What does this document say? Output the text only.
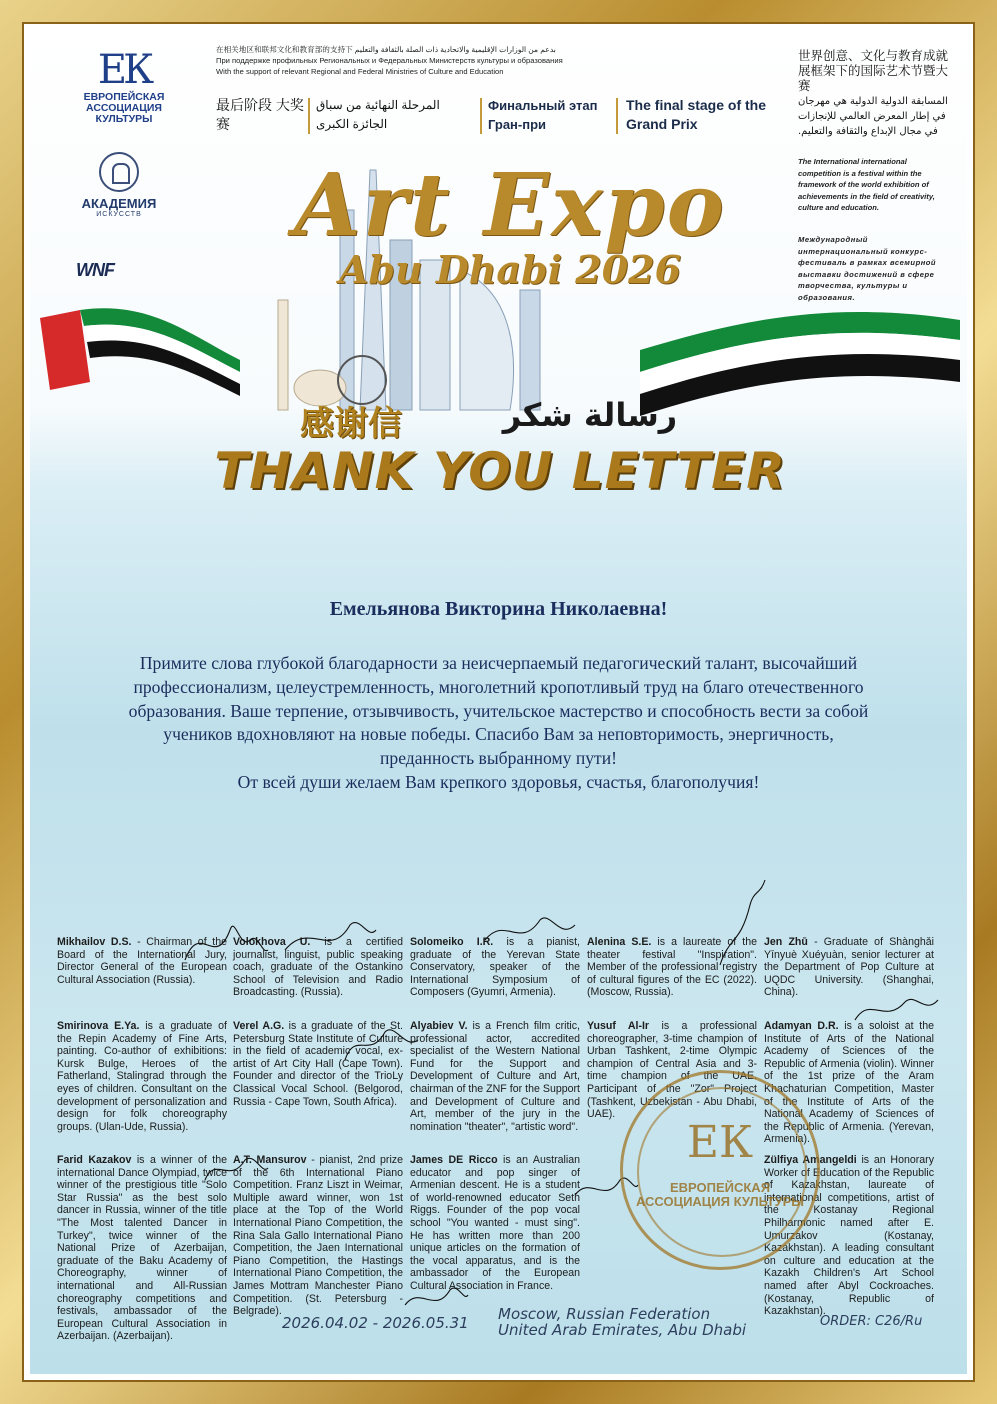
ЕК
ЕВРОПЕЙСКАЯ АССОЦИАЦИЯ КУЛЬТУРЫ
АКАДЕМИЯ
ИСКУССТВ
WNF
在相关地区和联邦文化和教育部的支持下 بدعم من الوزارات الإقليمية والاتحادية ذات الصلة بالثقافة والتعليم
При поддержке профильных Региональных и Федеральных Министерств культуры и образования
With the support of relevant Regional and Federal Ministries of Culture and Education
最后阶段 大奖赛
المرحلة النهائية من سباق الجائزة الكبرى
Финальный этап Гран-при
The final stage of the Grand Prix
世界创意、文化与教育成就展框架下的国际艺术节暨大赛
المسابقة الدولية الدولية هي مهرجان في إطار المعرض العالمي للإنجازات في مجال الإبداع والثقافة والتعليم.
The International international competition is a festival within the framework of the world exhibition of achievements in the field of creativity, culture and education.
Международный интернациональный конкурс-фестиваль в рамках всемирной выставки достижений в сфере творчества, культуры и образования.
Art Expo
Abu Dhabi 2026
感谢信	رسالة شكر
THANK YOU LETTER
Емельянова Викторина Николаевна!

Примите слова глубокой благодарности за неисчерпаемый педагогический талант, высочайший профессионализм, целеустремленность, многолетний кропотливый труд на благо отечественного образования. Ваше терпение, отзывчивость, учительское мастерство и способность вести за собой учеников вдохновляют на новые победы. Спасибо Вам за неповторимость, энергичность, преданность выбранному пути!

От всей души желаем Вам крепкого здоровья, счастья, благополучия!

Mikhailov D.S. - Chairman of the Board of the International Jury, Director General of the European Cultural Association (Russia).
Volokhova U. is a certified journalist, linguist, public speaking coach, graduate of the Ostankino School of Television and Radio Broadcasting. (Russia).
Solomeiko I.R. is a pianist, graduate of the Yerevan State Conservatory, speaker of the International Symposium of Composers (Gyumri, Armenia).
Alenina S.E. is a laureate of the theater festival "Inspiration". Member of the professional registry of cultural figures of the EC (2022). (Moscow, Russia).
Jen Zhū - Graduate of Shànghǎi Yīnyuè Xuéyuàn, senior lecturer at the Department of Pop Culture at UQDC University. (Shanghai, China).
Smirinova E.Ya. is a graduate of the Repin Academy of Fine Arts, painting. Co-author of exhibitions: Kursk Bulge, Heroes of the Fatherland, Stalingrad through the eyes of children. Consultant on the development of personalization and design for folk choreography groups. (Ulan-Ude, Russia).
Verel A.G. is a graduate of the St. Petersburg State Institute of Culture in the field of academic vocal, ex-artist of Art City Hall (Cape Town). Founder and director of the TrioLy Classical Vocal School. (Belgorod, Russia - Cape Town, South Africa).
Alyabiev V. is a French film critic, professional actor, accredited specialist of the Western National Fund for the Support and Development of Culture and Art, chairman of the ZNF for the Support and Development of Culture and Art, member of the jury in the nomination "theater", "artistic word".
Yusuf Al-Ir is a professional choreographer, 3-time champion of Urban Tashkent, 2-time Olympic champion of Central Asia and 3-time champion of the UAE. Participant of the "Zor" Project (Tashkent, Uzbekistan - Abu Dhabi, UAE).
Adamyan D.R. is a soloist at the Institute of Arts of the National Academy of Sciences of the Republic of Armenia (violin). Winner of the 1st prize of the Aram Khachaturian Competition, Master of the Institute of Arts of the National Academy of Sciences of the Republic of Armenia. (Yerevan, Armenia).
Farid Kazakov is a winner of the international Dance Olympiad, twice winner of the prestigious title "Solo Star Russia" as the best solo dancer in Russia, winner of the title "The Most talented Dancer in Turkey", twice winner of the National Prize of Azerbaijan, graduate of the Baku Academy of Choreography, winner of international and All-Russian choreography competitions and festivals, ambassador of the European Cultural Association in Azerbaijan. (Azerbaijan).
A.T. Mansurov - pianist, 2nd prize of the 6th International Piano Competition. Franz Liszt in Weimar, Multiple award winner, won 1st place at the Top of the World International Piano Competition, the Rina Sala Gallo International Piano Competition, the Jaen International Piano Competition, the Hastings International Piano Competition, the James Mottram Manchester Piano Competition. (St. Petersburg - Belgrade).
James DE Ricco is an Australian educator and pop singer of Armenian descent. He is a student of world-renowned educator Seth Riggs. Founder of the pop vocal school "You wanted - must sing". He has written more than 200 unique articles on the formation of the vocal apparatus, and is the ambassador of the European Cultural Association in France.
Zülfiya Amangeldi is an Honorary Worker of Education of the Republic of Kazakhstan, laureate of international competitions, artist of the Kostanay Regional Philharmonic named after E. Umurzakov (Kostanay, Kazakhstan). A leading consultant on culture and education at the Kazakh Children's Art School named after Abyl Cockroaches. (Kostanay, Republic of Kazakhstan).
ЕК
ЕВРОПЕЙСКАЯ АССОЦИАЦИЯ КУЛЬТУРЫ
2026.04.02 - 2026.05.31 Moscow, Russian Federation
United Arab Emirates, Abu Dhabi	ORDER: C26/Ru
